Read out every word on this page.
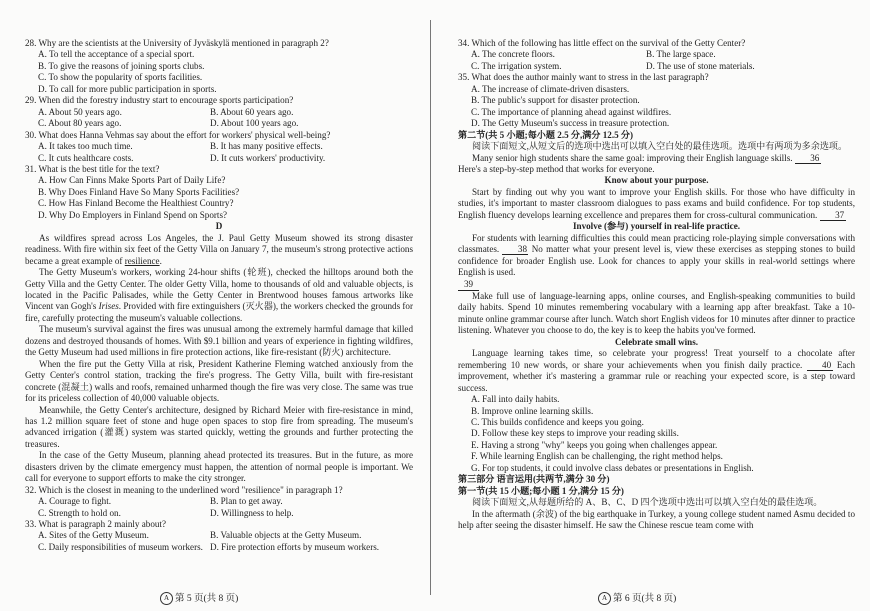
28. Why are the scientists at the University of Jyväskylä mentioned in paragraph 2?
A. To tell the acceptance of a special sport.
B. To give the reasons of joining sports clubs.
C. To show the popularity of sports facilities.
D. To call for more public participation in sports.
29. When did the forestry industry start to encourage sports participation?
A. About 50 years ago.	B. About 60 years ago.
C. About 80 years ago.	D. About 100 years ago.
30. What does Hanna Vehmas say about the effort for workers' physical well-being?
A. It takes too much time.	B. It has many positive effects.
C. It cuts healthcare costs.	D. It cuts workers' productivity.
31. What is the best title for the text?
A. How Can Finns Make Sports Part of Daily Life?
B. Why Does Finland Have So Many Sports Facilities?
C. How Has Finland Become the Healthiest Country?
D. Why Do Employers in Finland Spend on Sports?
D

As wildfires spread across Los Angeles, the J. Paul Getty Museum showed its strong disaster readiness. With fire within six feet of the Getty Villa on January 7, the museum's strong protective actions became a great example of resilience.

The Getty Museum's workers, working 24-hour shifts (轮班), checked the hilltops around both the Getty Villa and the Getty Center. The older Getty Villa, home to thousands of old and valuable objects, is located in the Pacific Palisades, while the Getty Center in Brentwood houses famous artworks like Vincent van Gogh's Irises. Provided with fire extinguishers (灭火器), the workers checked the grounds for fire, carefully protecting the museum's valuable collections.

The museum's survival against the fires was unusual among the extremely harmful damage that killed dozens and destroyed thousands of homes. With $9.1 billion and years of experience in fighting wildfires, the Getty Museum had used millions in fire protection actions, like fire-resistant (防火) architecture.

When the fire put the Getty Villa at risk, President Katherine Fleming watched anxiously from the Getty Center's control station, tracking the fire's progress. The Getty Villa, built with fire-resistant concrete (混凝土) walls and roofs, remained unharmed though the fire was very close. The same was true for its priceless collection of 40,000 valuable objects.

Meanwhile, the Getty Center's architecture, designed by Richard Meier with fire-resistance in mind, has 1.2 million square feet of stone and huge open spaces to stop fire from spreading. The museum's advanced irrigation (灌溉) system was started quickly, wetting the grounds and further protecting the treasures.

In the case of the Getty Museum, planning ahead protected its treasures. But in the future, as more disasters driven by the climate emergency must happen, the attention of normal people is important. We call for everyone to support efforts to make the city stronger.

32. Which is the closest in meaning to the underlined word "resilience" in paragraph 1?
A. Courage to fight.	B. Plan to get away.
C. Strength to hold on.	D. Willingness to help.
33. What is paragraph 2 mainly about?
A. Sites of the Getty Museum.	B. Valuable objects at the Getty Museum.
C. Daily responsibilities of museum workers. D. Fire protection efforts by museum workers.
34. Which of the following has little effect on the survival of the Getty Center?
A. The concrete floors.	B. The large space.
C. The irrigation system.	D. The use of stone materials.
35. What does the author mainly want to stress in the last paragraph?
A. The increase of climate-driven disasters.
B. The public's support for disaster protection.
C. The importance of planning ahead against wildfires.
D. The Getty Museum's success in treasure protection.
第二节(共 5 小题;每小题 2.5 分,满分 12.5 分)

阅读下面短文,从短文后的选项中选出可以填入空白处的最佳选项。选项中有两项为多余选项。

Many senior high students share the same goal: improving their English language skills. 36

Here's a step-by-step method that works for everyone.
Know about your purpose.

Start by finding out why you want to improve your English skills. For those who have difficulty in studies, it's important to master classroom dialogues to pass exams and build confidence. For top students, English fluency develops learning excellence and prepares them for cross-cultural communication. 37

Involve (参与) yourself in real-life practice.

For students with learning difficulties this could mean practicing role-playing simple conversations with classmates. 38 No matter what your present level is, view these exercises as stepping stones to build confidence for broader English use. Look for chances to apply your skills in real-world settings where English is used.

39

Make full use of language-learning apps, online courses, and English-speaking communities to build daily habits. Spend 10 minutes remembering vocabulary with a learning app after breakfast. Take a 10-minute online grammar course after lunch. Watch short English videos for 10 minutes after dinner to practice listening. Whatever you choose to do, the key is to keep the habits you've formed.

Celebrate small wins.

Language learning takes time, so celebrate your progress! Treat yourself to a chocolate after remembering 10 new words, or share your achievements when you finish daily practice. 40 Each improvement, whether it's mastering a grammar rule or reaching your expected score, is a step toward success.

A. Fall into daily habits.
B. Improve online learning skills.
C. This builds confidence and keeps you going.
D. Follow these key steps to improve your reading skills.
E. Having a strong "why" keeps you going when challenges appear.
F. While learning English can be challenging, the right method helps.
G. For top students, it could involve class debates or presentations in English.
第三部分 语言运用(共两节,满分 30 分)
第一节(共 15 小题;每小题 1 分,满分 15 分)

阅读下面短文,从每题所给的 A、B、C、D 四个选项中选出可以填入空白处的最佳选项。

In the aftermath (余波) of the big earthquake in Turkey, a young college student named Asmu decided to help after seeing the disaster himself. He saw the Chinese rescue team come with

A 第 5 页(共 8 页)	A 第 6 页(共 8 页)
